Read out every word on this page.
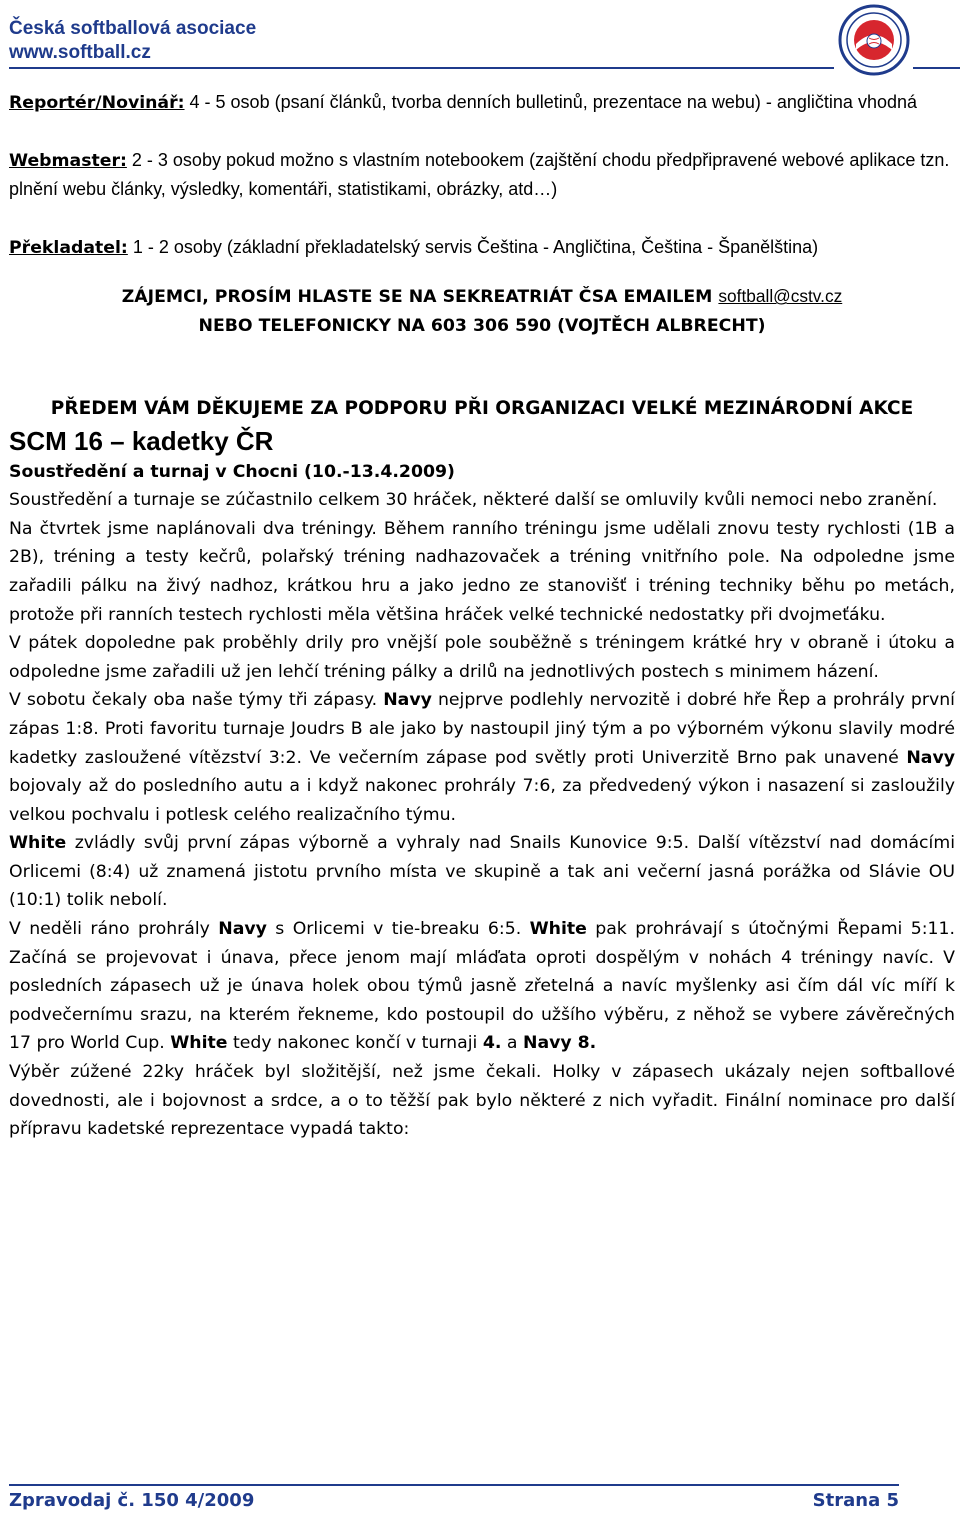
Česká softballová asociace
www.softball.cz

Reportér/Novinář: 4 - 5 osob (psaní článků, tvorba denních bulletinů, prezentace na webu) - angličtina vhodná

Webmaster: 2 - 3 osoby pokud možno s vlastním notebookem (zajštění chodu předpřipravené webové aplikace tzn. plnění webu články, výsledky, komentáři, statistikami, obrázky, atd…)

Překladatel: 1 - 2 osoby (základní překladatelský servis Čeština - Angličtina, Čeština - Španělština)

ZÁJEMCI, PROSÍM HLASTE SE NA SEKREATRIÁT ČSA EMAILEM softball@cstv.cz
NEBO TELEFONICKY NA 603 306 590 (VOJTĚCH ALBRECHT)

PŘEDEM VÁM DĚKUJEME ZA PODPORU PŘI ORGANIZACI VELKÉ MEZINÁRODNÍ AKCE

SCM 16 – kadetky ČR

Soustředění a turnaj v Chocni (10.-13.4.2009)

Soustředění a turnaje se zúčastnilo celkem 30 hráček, některé další se omluvily kvůli nemoci nebo zranění.

Na čtvrtek jsme naplánovali dva tréningy. Během ranního tréningu jsme udělali znovu testy rychlosti (1B a 2B), tréning a testy kečrů, polařský tréning nadhazovaček a tréning vnitřního pole. Na odpoledne jsme zařadili pálku na živý nadhoz, krátkou hru a jako jedno ze stanovišť i tréning techniky běhu po metách, protože při ranních testech rychlosti měla většina hráček velké technické nedostatky při dvojmeťáku.

V pátek dopoledne pak proběhly drily pro vnější pole souběžně s tréningem krátké hry v obraně i útoku a odpoledne jsme zařadili už jen lehčí tréning pálky a drilů na jednotlivých postech s minimem házení.

V sobotu čekaly oba naše týmy tři zápasy. Navy nejprve podlehly nervozitě i dobré hře Řep a prohrály první zápas 1:8. Proti favoritu turnaje Joudrs B ale jako by nastoupil jiný tým a po výborném výkonu slavily modré kadetky zasloužené vítězství 3:2. Ve večerním zápase pod světly proti Univerzitě Brno pak unavené Navy bojovaly až do posledního autu a i když nakonec prohrály 7:6, za předvedený výkon i nasazení si zasloužily velkou pochvalu i potlesk celého realizačního týmu.

White zvládly svůj první zápas výborně a vyhraly nad Snails Kunovice 9:5. Další vítězství nad domácími Orlicemi (8:4) už znamená jistotu prvního místa ve skupině a tak ani večerní jasná porážka od Slávie OU (10:1) tolik nebolí.

V neděli ráno prohrály Navy s Orlicemi v tie-breaku 6:5. White pak prohrávají s útočnými Řepami 5:11. Začíná se projevovat i únava, přece jenom mají mláďata oproti dospělým v nohách 4 tréningy navíc. V posledních zápasech už je únava holek obou týmů jasně zřetelná a navíc myšlenky asi čím dál víc míří k podvečernímu srazu, na kterém řekneme, kdo postoupil do užšího výběru, z něhož se vybere závěrečných 17 pro World Cup. White tedy nakonec končí v turnaji 4. a Navy 8.

Výběr zúžené 22ky hráček byl složitější, než jsme čekali. Holky v zápasech ukázaly nejen softballové dovednosti, ale i bojovnost a srdce, a o to těžší pak bylo některé z nich vyřadit. Finální nominace pro další přípravu kadetské reprezentace vypadá takto:

Zpravodaj č. 150 4/2009	Strana 5
